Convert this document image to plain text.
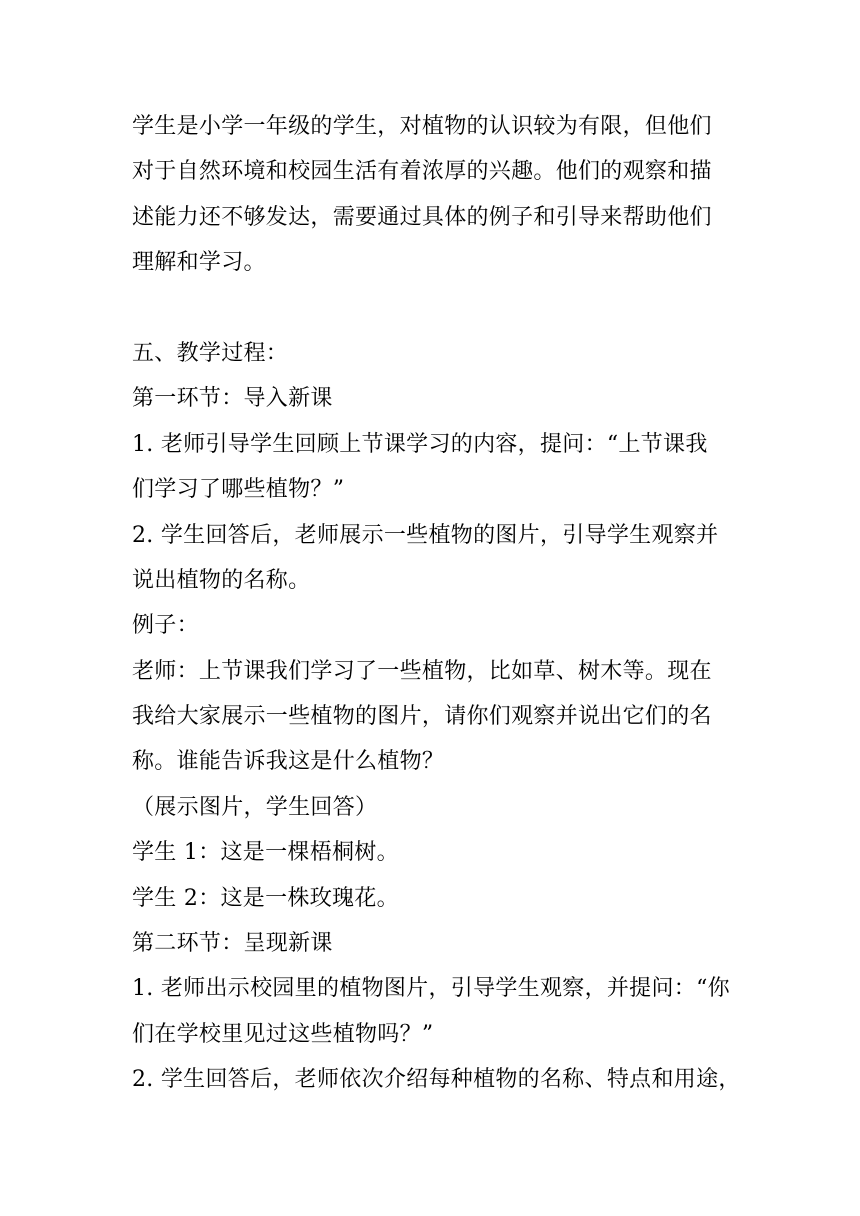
学生是小学一年级的学生，对植物的认识较为有限，但他们
对于自然环境和校园生活有着浓厚的兴趣。他们的观察和描
述能力还不够发达，需要通过具体的例子和引导来帮助他们
理解和学习。
五、教学过程：
第一环节：导入新课
1. 老师引导学生回顾上节课学习的内容，提问：“上节课我
们学习了哪些植物？”
2. 学生回答后，老师展示一些植物的图片，引导学生观察并
说出植物的名称。
例子：
老师：上节课我们学习了一些植物，比如草、树木等。现在
我给大家展示一些植物的图片，请你们观察并说出它们的名
称。谁能告诉我这是什么植物？
（展示图片，学生回答）
学生 1：这是一棵梧桐树。
学生 2：这是一株玫瑰花。
第二环节：呈现新课
1. 老师出示校园里的植物图片，引导学生观察，并提问：“你
们在学校里见过这些植物吗？”
2. 学生回答后，老师依次介绍每种植物的名称、特点和用途，
